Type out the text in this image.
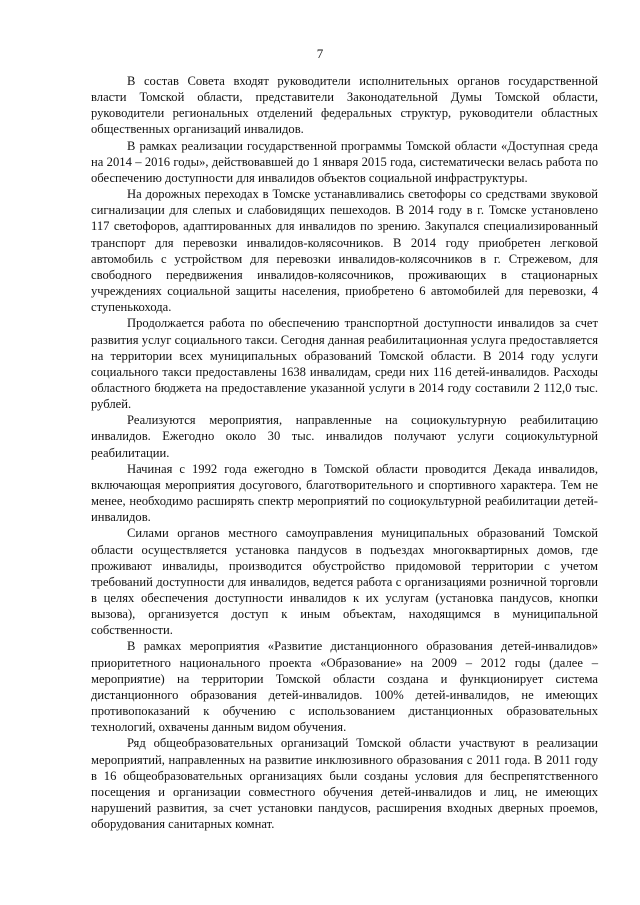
7

В состав Совета входят руководители исполнительных органов государственной власти Томской области, представители Законодательной Думы Томской области, руководители региональных отделений федеральных структур, руководители областных общественных организаций инвалидов.

В рамках реализации государственной программы Томской области «Доступная среда на 2014 – 2016 годы», действовавшей до 1 января 2015 года, систематически велась работа по обеспечению доступности для инвалидов объектов социальной инфраструктуры.

На дорожных переходах в Томске устанавливались светофоры со средствами звуковой сигнализации для слепых и слабовидящих пешеходов. В 2014 году в г. Томске установлено 117 светофоров, адаптированных для инвалидов по зрению. Закупался специализированный транспорт для перевозки инвалидов-колясочников. В 2014 году приобретен легковой автомобиль с устройством для перевозки инвалидов-колясочников в г. Стрежевом, для свободного передвижения инвалидов-колясочников, проживающих в стационарных учреждениях социальной защиты населения, приобретено 6 автомобилей для перевозки, 4 ступенькохода.

Продолжается работа по обеспечению транспортной доступности инвалидов за счет развития услуг социального такси. Сегодня данная реабилитационная услуга предоставляется на территории всех муниципальных образований Томской области. В 2014 году услуги социального такси предоставлены 1638 инвалидам, среди них 116 детей-инвалидов. Расходы областного бюджета на предоставление указанной услуги в 2014 году составили 2 112,0 тыс. рублей.

Реализуются мероприятия, направленные на социокультурную реабилитацию инвалидов. Ежегодно около 30 тыс. инвалидов получают услуги социокультурной реабилитации.

Начиная с 1992 года ежегодно в Томской области проводится Декада инвалидов, включающая мероприятия досугового, благотворительного и спортивного характера. Тем не менее, необходимо расширять спектр мероприятий по социокультурной реабилитации детей-инвалидов.

Силами органов местного самоуправления муниципальных образований Томской области осуществляется установка пандусов в подъездах многоквартирных домов, где проживают инвалиды, производится обустройство придомовой территории с учетом требований доступности для инвалидов, ведется работа с организациями розничной торговли в целях обеспечения доступности инвалидов к их услугам (установка пандусов, кнопки вызова), организуется доступ к иным объектам, находящимся в муниципальной собственности.

В рамках мероприятия «Развитие дистанционного образования детей-инвалидов» приоритетного национального проекта «Образование» на 2009 – 2012 годы (далее – мероприятие) на территории Томской области создана и функционирует система дистанционного образования детей-инвалидов. 100% детей-инвалидов, не имеющих противопоказаний к обучению с использованием дистанционных образовательных технологий, охвачены данным видом обучения.

Ряд общеобразовательных организаций Томской области участвуют в реализации мероприятий, направленных на развитие инклюзивного образования с 2011 года. В 2011 году в 16 общеобразовательных организациях были созданы условия для беспрепятственного посещения и организации совместного обучения детей-инвалидов и лиц, не имеющих нарушений развития, за счет установки пандусов, расширения входных дверных проемов, оборудования санитарных комнат.
